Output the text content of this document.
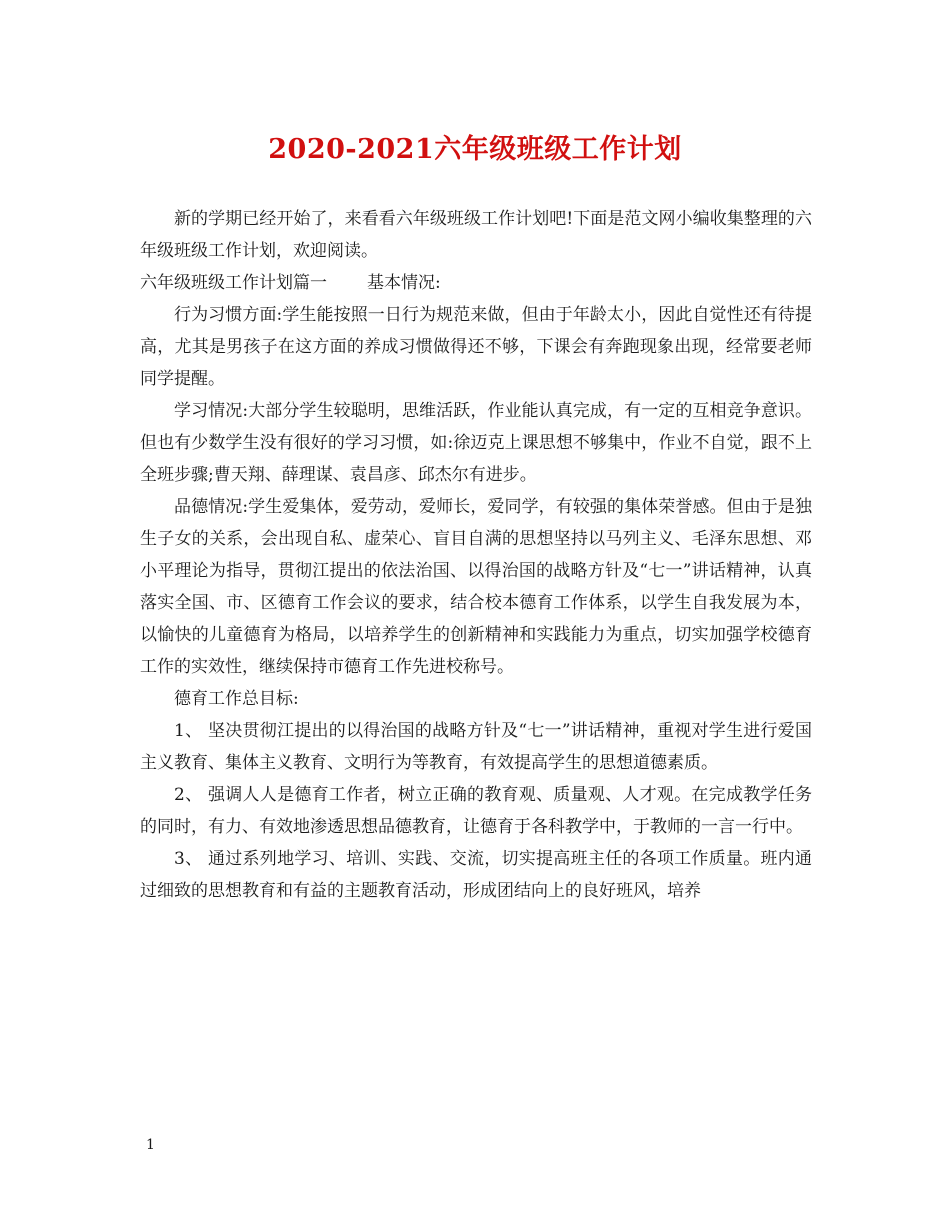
2020-2021六年级班级工作计划

新的学期已经开始了，来看看六年级班级工作计划吧!下面是范文网小编收集整理的六年级班级工作计划，欢迎阅读。

六年级班级工作计划篇一 基本情况:

行为习惯方面:学生能按照一日行为规范来做，但由于年龄太小，因此自觉性还有待提高，尤其是男孩子在这方面的养成习惯做得还不够，下课会有奔跑现象出现，经常要老师同学提醒。

学习情况:大部分学生较聪明，思维活跃，作业能认真完成，有一定的互相竞争意识。但也有少数学生没有很好的学习习惯，如:徐迈克上课思想不够集中，作业不自觉，跟不上全班步骤;曹天翔、薛理谋、袁昌彦、邱杰尔有进步。

品德情况:学生爱集体，爱劳动，爱师长，爱同学，有较强的集体荣誉感。但由于是独生子女的关系，会出现自私、虚荣心、盲目自满的思想坚持以马列主义、毛泽东思想、邓小平理论为指导，贯彻江提出的依法治国、以得治国的战略方针及“七一”讲话精神，认真落实全国、市、区德育工作会议的要求，结合校本德育工作体系，以学生自我发展为本，以愉快的儿童德育为格局，以培养学生的创新精神和实践能力为重点，切实加强学校德育工作的实效性，继续保持市德育工作先进校称号。

德育工作总目标:

1、 坚决贯彻江提出的以得治国的战略方针及“七一”讲话精神，重视对学生进行爱国主义教育、集体主义教育、文明行为等教育，有效提高学生的思想道德素质。

2、 强调人人是德育工作者，树立正确的教育观、质量观、人才观。在完成教学任务的同时，有力、有效地渗透思想品德教育，让德育于各科教学中，于教师的一言一行中。

3、 通过系列地学习、培训、实践、交流，切实提高班主任的各项工作质量。班内通过细致的思想教育和有益的主题教育活动，形成团结向上的良好班风，培养

1
